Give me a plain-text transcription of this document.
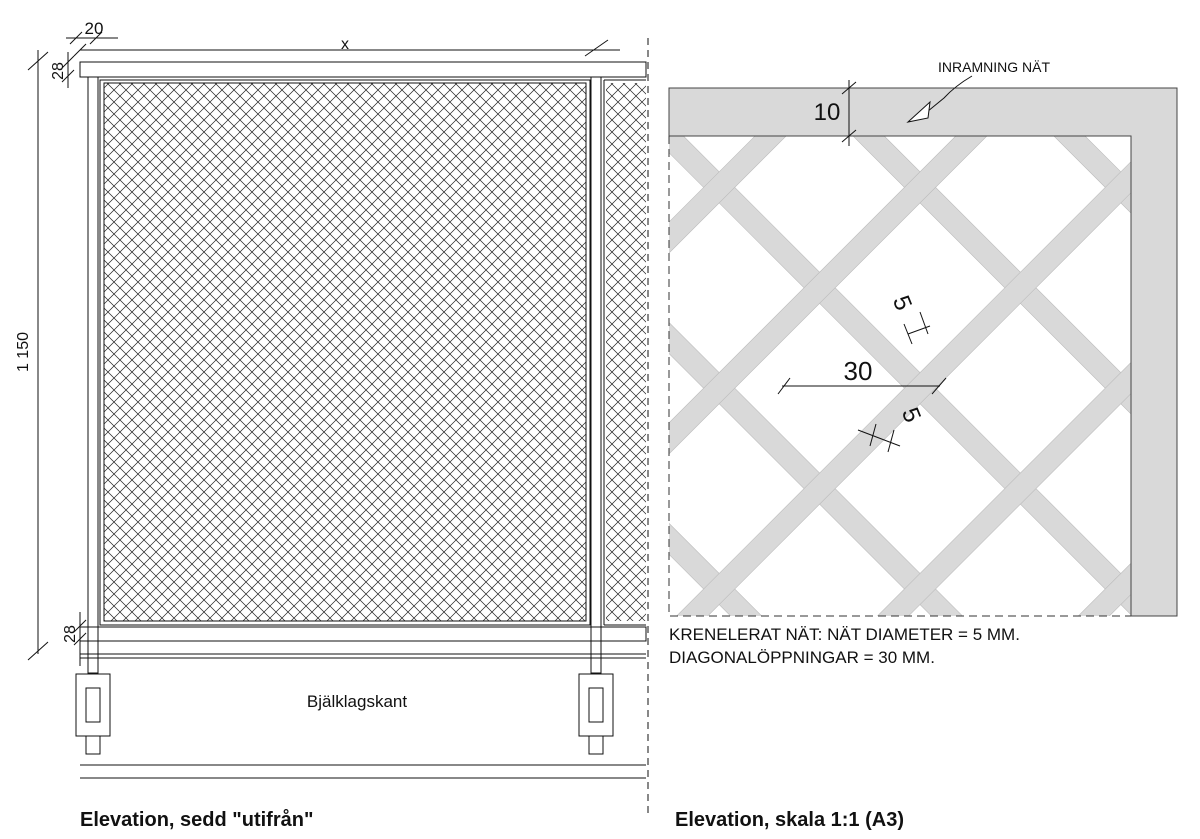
20
x
28
1 150
28
Bjälklagskant
Elevation, sedd "utifrån"
INRAMNING NÄT
10
5
30
5
KRENELERAT NÄT: NÄT DIAMETER = 5 MM.
DIAGONALÖPPNINGAR = 30 MM.
Elevation, skala 1:1 (A3)
